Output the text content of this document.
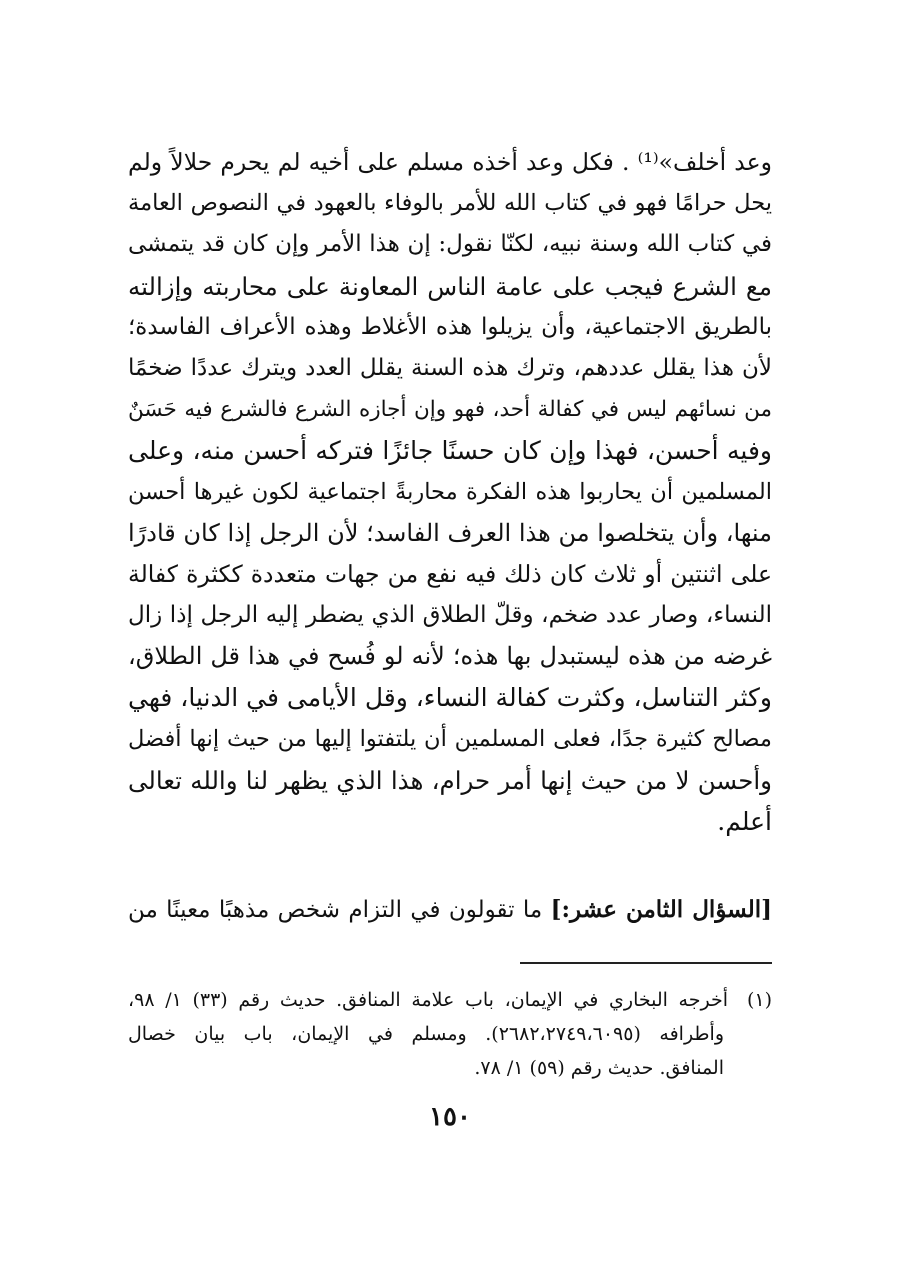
وعد أخلف»⁽¹⁾ . فكل وعد أخذه مسلم على أخيه لم يحرم حلالاً ولم
يحل حرامًا فهو في كتاب الله للأمر بالوفاء بالعهود في النصوص العامة
في كتاب الله وسنة نبيه، لكنّا نقول: إن هذا الأمر وإن كان قد يتمشى
مع الشرع فيجب على عامة الناس المعاونة على محاربته وإزالته
بالطريق الاجتماعية، وأن يزيلوا هذه الأغلاط وهذه الأعراف الفاسدة؛
لأن هذا يقلل عددهم، وترك هذه السنة يقلل العدد ويترك عددًا ضخمًا
من نسائهم ليس في كفالة أحد، فهو وإن أجازه الشرع فالشرع فيه حَسَنٌ
وفيه أحسن، فهذا وإن كان حسنًا جائزًا فتركه أحسن منه، وعلى
المسلمين أن يحاربوا هذه الفكرة محاربةً اجتماعية لكون غيرها أحسن
منها، وأن يتخلصوا من هذا العرف الفاسد؛ لأن الرجل إذا كان قادرًا
على اثنتين أو ثلاث كان ذلك فيه نفع من جهات متعددة ككثرة كفالة
النساء، وصار عدد ضخم، وقلّ الطلاق الذي يضطر إليه الرجل إذا زال
غرضه من هذه ليستبدل بها هذه؛ لأنه لو فُسح في هذا قل الطلاق،
وكثر التناسل، وكثرت كفالة النساء، وقل الأيامى في الدنيا، فهي
مصالح كثيرة جدًا، فعلى المسلمين أن يلتفتوا إليها من حيث إنها أفضل
وأحسن لا من حيث إنها أمر حرام، هذا الذي يظهر لنا والله تعالى
أعلم.
[السؤال الثامن عشر:] ما تقولون في التزام شخص مذهبًا معينًا من
(١)أخرجه البخاري في الإيمان، باب علامة المنافق. حديث رقم (٣٣) ١/ ٩٨،
وأطرافه (٢٦٨٢،٢٧٤٩،٦٠٩٥). ومسلم في الإيمان، باب بيان خصال
المنافق. حديث رقم (٥٩) ١/ ٧٨.
١٥٠
